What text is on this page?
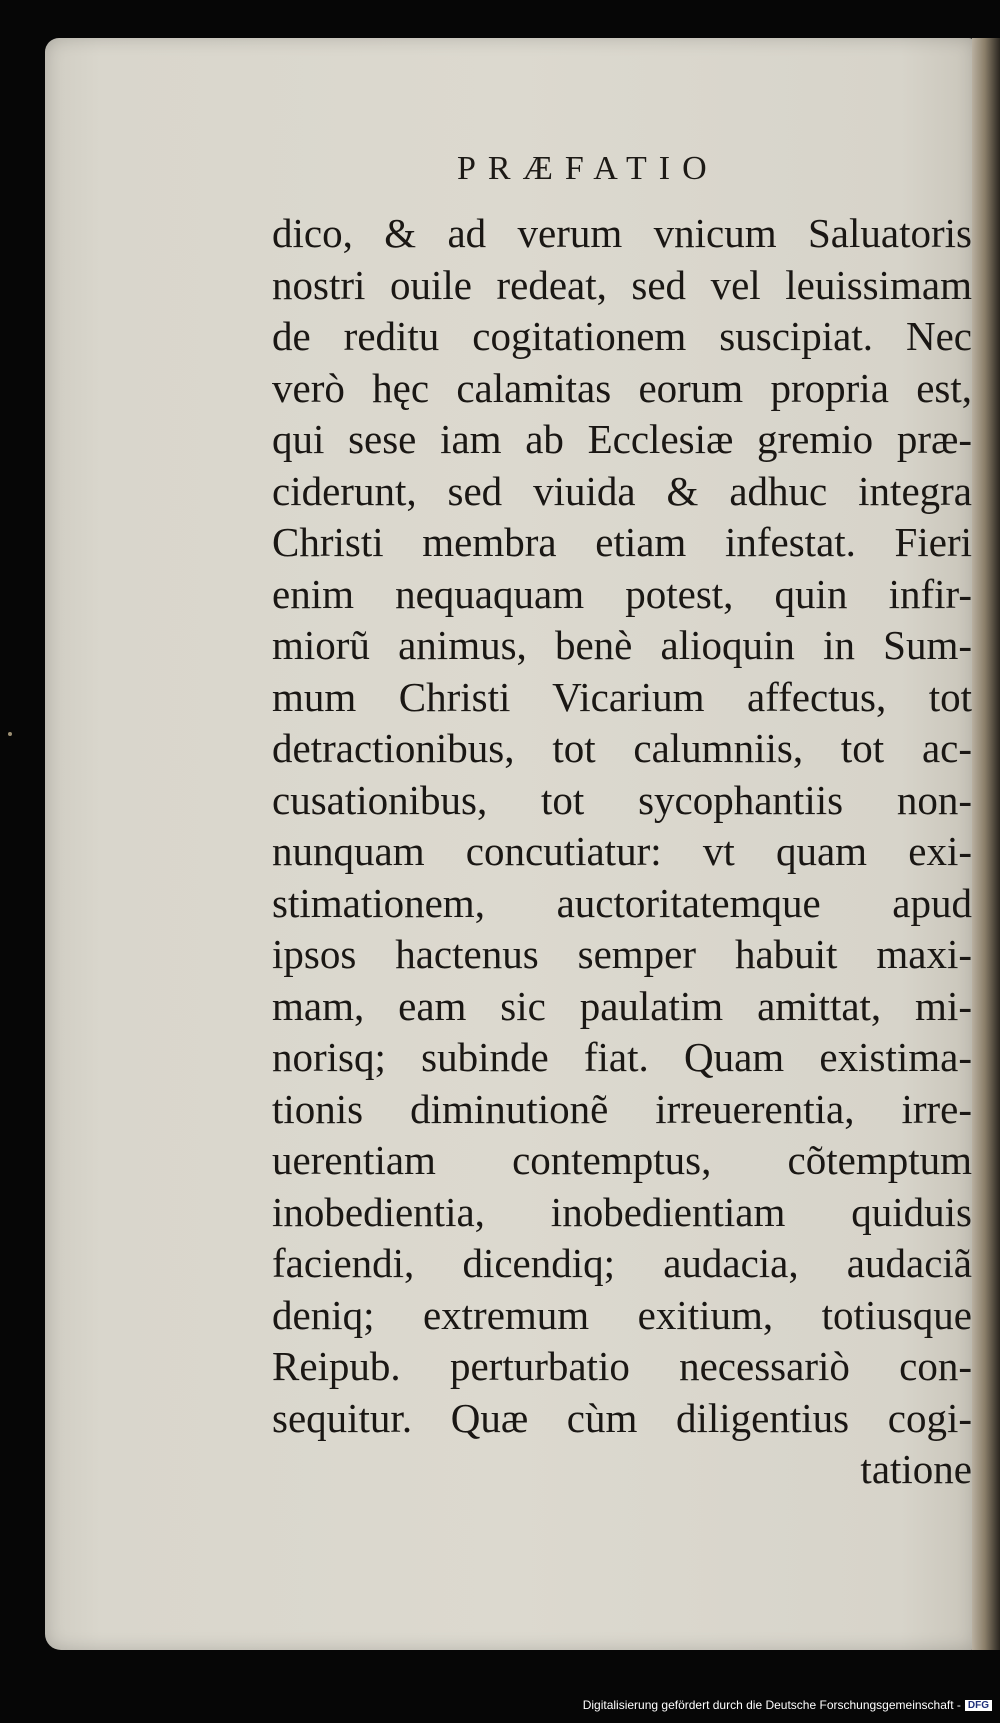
PRÆFATIO
dico, & ad verum vnicum Saluatoris
nostri ouile redeat, sed vel leuissimam
de reditu cogitationem suscipiat. Nec
verò hęc calamitas eorum propria est,
qui sese iam ab Ecclesiæ gremio præ-
ciderunt, sed viuida & adhuc integra
Christi membra etiam infestat. Fieri
enim nequaquam potest, quin infir-
miorũ animus, benè alioquin in Sum-
mum Christi Vicarium affectus, tot
detractionibus, tot calumniis, tot ac-
cusationibus, tot sycophantiis non-
nunquam concutiatur: vt quam exi-
stimationem, auctoritatemque apud
ipsos hactenus semper habuit maxi-
mam, eam sic paulatim amittat, mi-
norisq; subinde fiat. Quam existima-
tionis diminutionẽ irreuerentia, irre-
uerentiam contemptus, cõtemptum
inobedientia, inobedientiam quiduis
faciendi, dicendiq; audacia, audaciã
deniq; extremum exitium, totiusque
Reipub. perturbatio necessariò con-
sequitur. Quæ cùm diligentius cogi-
tatione
Digitalisierung gefördert durch die Deutsche Forschungsgemeinschaft - DFG
